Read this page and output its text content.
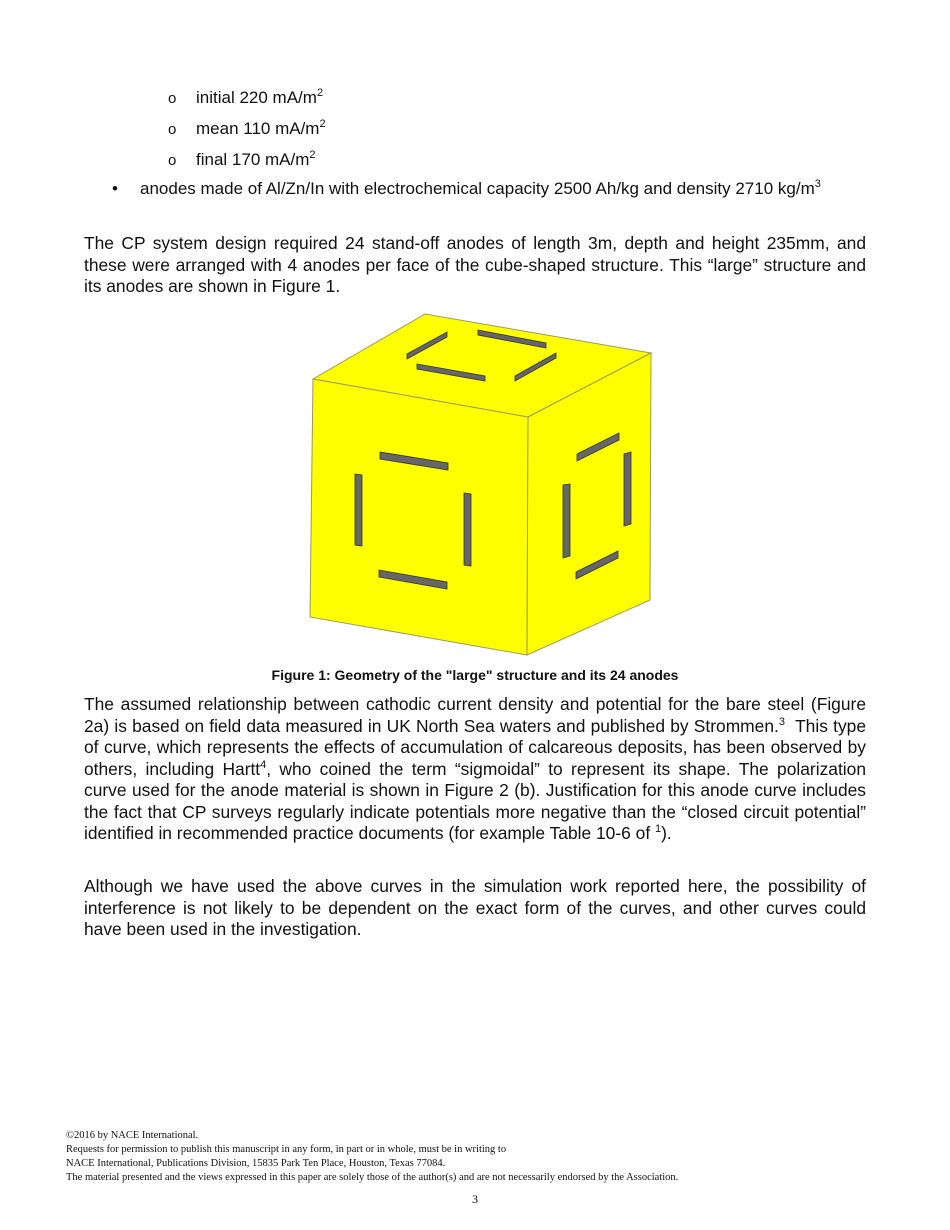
o initial 220 $mA/m^2$
o mean 110 $mA/m^2$
o final 170 $mA/m^2$
• anodes made of Al/Zn/In with electrochemical capacity 2500 Ah/kg and density 2710 $kg/m^3$

The CP system design required 24 stand-off anodes of length 3m, depth and height 235mm, and these were arranged with 4 anodes per face of the cube-shaped structure. This “large” structure and its anodes are shown in Figure 1.

Figure 1: Geometry of the "large" structure and its 24 anodes

The assumed relationship between cathodic current density and potential for the bare steel (Figure 2a) is based on field data measured in UK North Sea waters and published by Strommen.$^3$  This type of curve, which represents the effects of accumulation of calcareous deposits, has been observed by others, including Hartt$^4$, who coined the term “sigmoidal” to represent its shape. The polarization curve used for the anode material is shown in Figure 2 (b). Justification for this anode curve includes the fact that CP surveys regularly indicate potentials more negative than the “closed circuit potential” identified in recommended practice documents (for example Table 10-6 of $^1$).

Although we have used the above curves in the simulation work reported here, the possibility of interference is not likely to be dependent on the exact form of the curves, and other curves could have been used in the investigation.

©2016 by NACE International.
Requests for permission to publish this manuscript in any form, in part or in whole, must be in writing to
NACE International, Publications Division, 15835 Park Ten Place, Houston, Texas 77084.
The material presented and the views expressed in this paper are solely those of the author(s) and are not necessarily endorsed by the Association.
3
